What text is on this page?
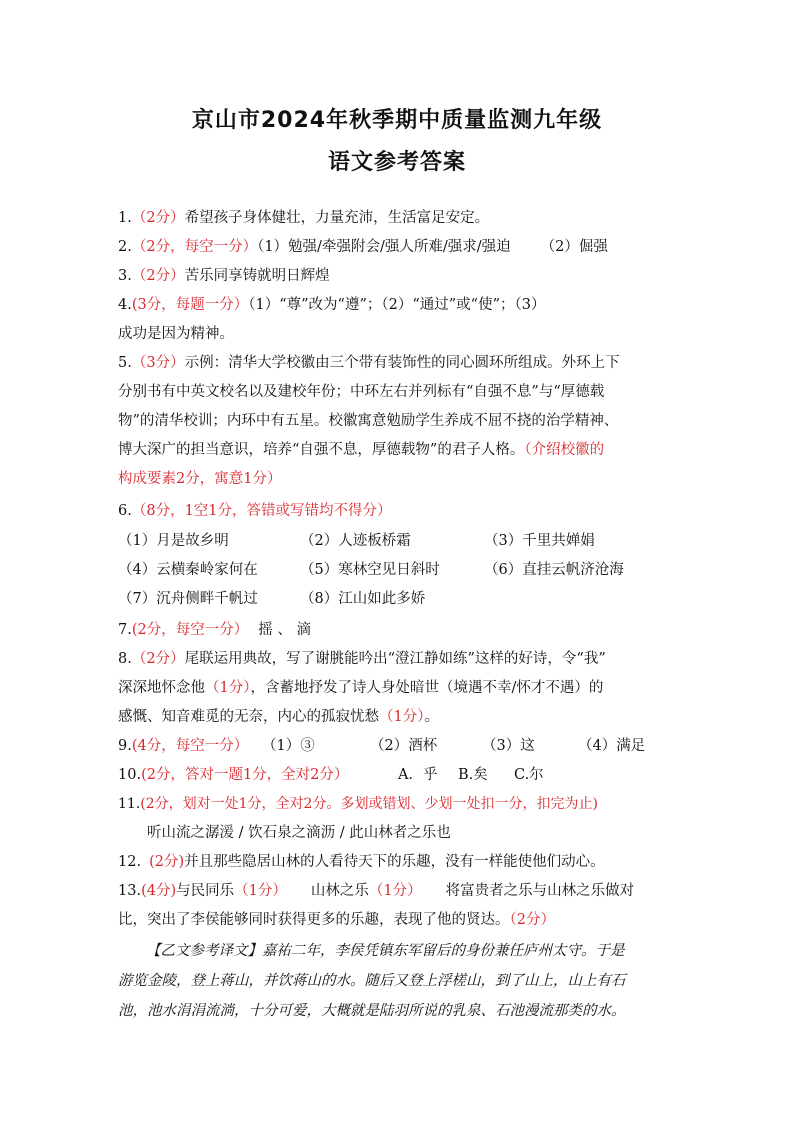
京山市2024年秋季期中质量监测九年级
语文参考答案
1.（2分）希望孩子身体健壮，力量充沛，生活富足安定。
2.（2分，每空一分）（1）勉强/牵强附会/强人所难/强求/强迫 （2）倔强
3.（2分）苦乐同享铸就明日辉煌
4.(3分，每题一分）（1）“尊”改为“遵”；（2）“通过”或“使”；（3）
成功是因为精神。
5.（3分）示例：清华大学校徽由三个带有装饰性的同心圆环所组成。外环上下
分别书有中英文校名以及建校年份；中环左右并列标有“自强不息”与“厚德载
物”的清华校训；内环中有五星。校徽寓意勉励学生养成不屈不挠的治学精神、
博大深广的担当意识，培养“自强不息，厚德载物”的君子人格。（介绍校徽的
构成要素2分，寓意1分）
6.（8分，1空1分，答错或写错均不得分）
（1）月是故乡明	（2）人迹板桥霜	（3）千里共婵娟
（4）云横秦岭家何在	（5）寒林空见日斜时	（6）直挂云帆济沧海
（7）沉舟侧畔千帆过	（8）江山如此多娇
7.(2分，每空一分） 摇 、 滴
8.（2分）尾联运用典故，写了谢朓能吟出“澄江静如练”这样的好诗，令“我”
深深地怀念他（1分），含蓄地抒发了诗人身处暗世（境遇不幸/怀才不遇）的
感慨、知音难觅的无奈，内心的孤寂忧愁（1分）。
9.(4分，每空一分） （1）③	（2）酒杯	（3）这	（4）满足
10.(2分，答对一题1分，全对2分）	A．乎 B.矣 C.尔
11.(2分，划对一处1分，全对2分。多划或错划、少划一处扣一分，扣完为止)
听山流之潺湲 / 饮石泉之滴沥 / 此山林者之乐也
12. (2分)并且那些隐居山林的人看待天下的乐趣，没有一样能使他们动心。
13.(4分)与民同乐（1分） 山林之乐（1分） 将富贵者之乐与山林之乐做对
比，突出了李侯能够同时获得更多的乐趣，表现了他的贤达。（2分）
【乙文参考译文】嘉祐二年，李侯凭镇东军留后的身份兼任庐州太守。于是
游览金陵，登上蒋山，并饮蒋山的水。随后又登上浮槎山，到了山上，山上有石
池，池水涓涓流淌，十分可爱，大概就是陆羽所说的乳泉、石池漫流那类的水。
